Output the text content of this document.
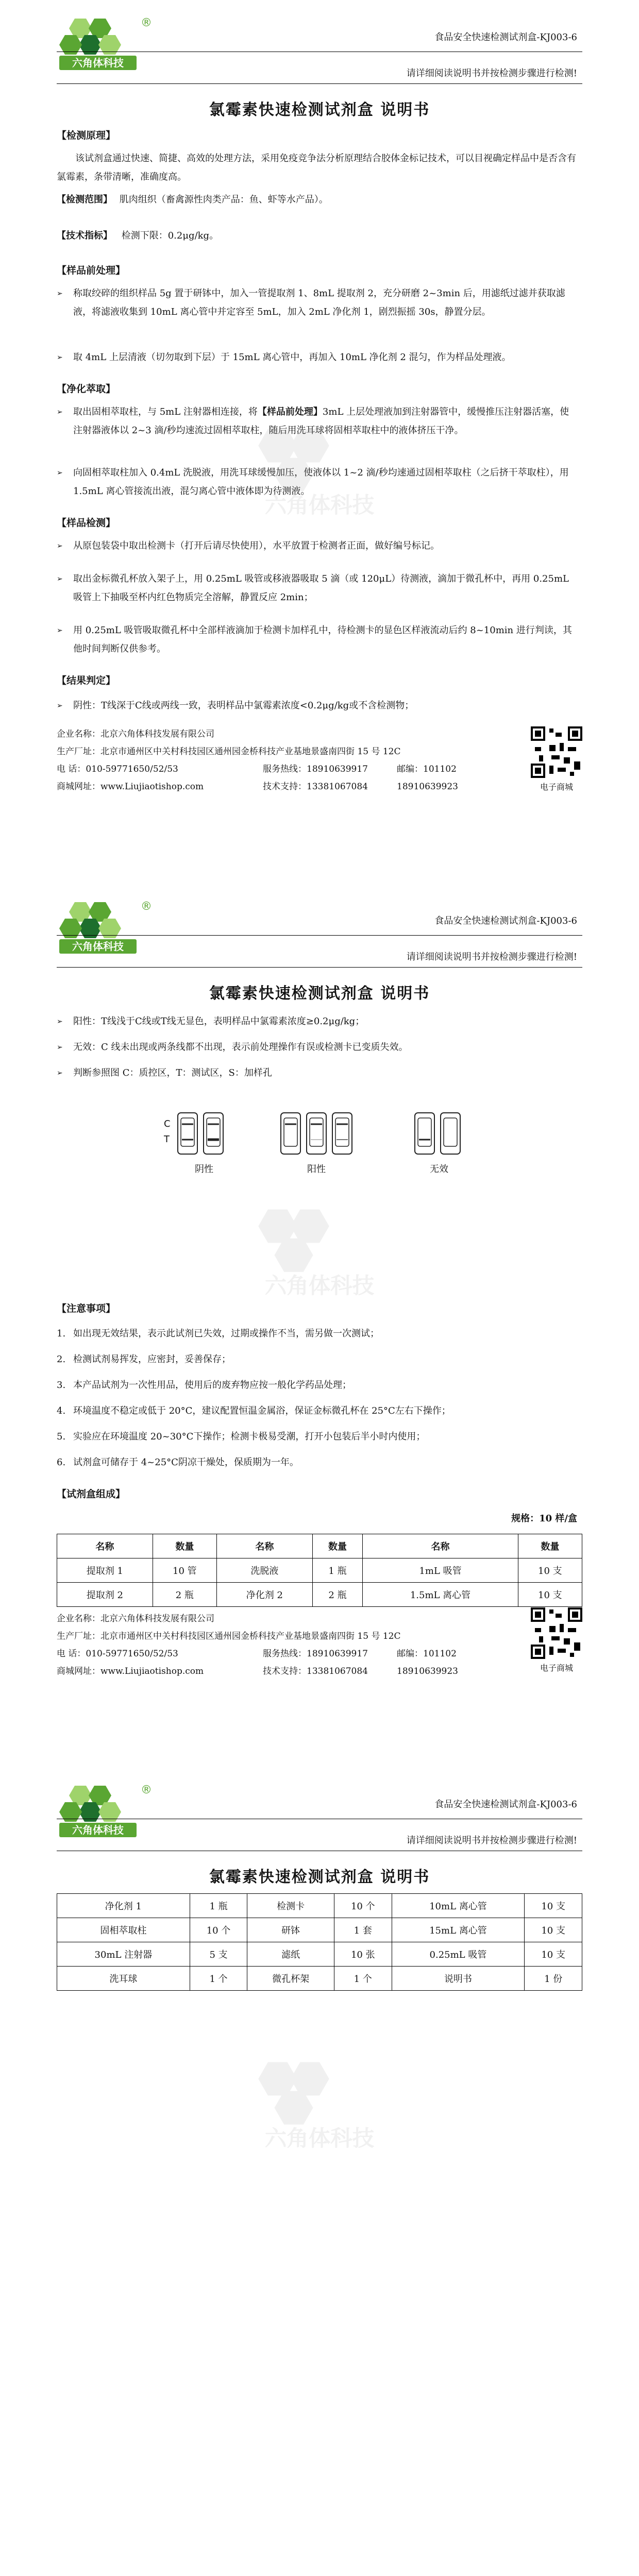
六角体科技
®
食品安全快速检测试剂盒-KJ003-6
请详细阅读说明书并按检测步骤进行检测!
氯霉素快速检测试剂盒 说明书
【检测原理】
该试剂盒通过快速、简捷、高效的处理方法，采用免疫竞争法分析原理结合胶体金标记技术，可以目视确定样品中是否含有氯霉素，条带清晰，准确度高。
【检测范围】 肌肉组织（畜禽源性肉类产品：鱼、虾等水产品）。
【技术指标】 检测下限：0.2μg/kg。
【样品前处理】
➢ 称取绞碎的组织样品 5g 置于研钵中，加入一管提取剂 1、8mL 提取剂 2，充分研磨 2~3min 后，用滤纸过滤并获取滤液，将滤液收集到 10mL 离心管中并定容至 5mL，加入 2mL 净化剂 1，剧烈振摇 30s，静置分层。
➢ 取 4mL 上层清液（切勿取到下层）于 15mL 离心管中，再加入 10mL 净化剂 2 混匀，作为样品处理液。
【净化萃取】
➢ 取出固相萃取柱，与 5mL 注射器相连接，将【样品前处理】3mL 上层处理液加到注射器管中，缓慢推压注射器活塞，使注射器液体以 2~3 滴/秒均速流过固相萃取柱，随后用洗耳球将固相萃取柱中的液体挤压干净。
➢ 向固相萃取柱加入 0.4mL 洗脱液，用洗耳球缓慢加压，使液体以 1~2 滴/秒均速通过固相萃取柱（之后挤干萃取柱），用 1.5mL 离心管接流出液，混匀离心管中液体即为待测液。
【样品检测】
➢ 从原包装袋中取出检测卡（打开后请尽快使用），水平放置于检测者正面，做好编号标记。
➢ 取出金标微孔杯放入架子上，用 0.25mL 吸管或移液器吸取 5 滴（或 120μL）待测液，滴加于微孔杯中，再用 0.25mL 吸管上下抽吸至杯内红色物质完全溶解，静置反应 2min；
➢ 用 0.25mL 吸管吸取微孔杯中全部样液滴加于检测卡加样孔中，待检测卡的显色区样液流动后约 8~10min 进行判读，其他时间判断仅供参考。
【结果判定】
➢ 阴性：T线深于C线或两线一致，表明样品中氯霉素浓度<0.2μg/kg或不含检测物；
企业名称：北京六角体科技发展有限公司
生产厂址：北京市通州区中关村科技园区通州园金桥科技产业基地景盛南四街 15 号 12C
电 话：010-59771650/52/53	服务热线：18910639917	邮编：101102
商城网址：www.Liujiaotishop.com	技术支持：13381067084	18910639923	电子商城
六角体科技
®
食品安全快速检测试剂盒-KJ003-6
请详细阅读说明书并按检测步骤进行检测!
氯霉素快速检测试剂盒 说明书
➢ 阳性：T线浅于C线或T线无显色，表明样品中氯霉素浓度≥0.2μg/kg；
➢ 无效：C 线未出现或两条线都不出现，表示前处理操作有误或检测卡已变质失效。
➢ 判断参照图 C：质控区，T：测试区，S：加样孔
C
T
阴性	阳性	无效
六角体科技
【注意事项】
1. 如出现无效结果，表示此试剂已失效，过期或操作不当，需另做一次测试；
2. 检测试剂易挥发，应密封，妥善保存；
3. 本产品试剂为一次性用品，使用后的废弃物应按一般化学药品处理；
4. 环境温度不稳定或低于 20°C，建议配置恒温金属浴，保证金标微孔杯在 25°C左右下操作；
5. 实验应在环境温度 20~30°C下操作；检测卡极易受潮，打开小包装后半小时内使用；
6. 试剂盒可储存于 4~25°C阴凉干燥处，保质期为一年。
【试剂盒组成】
规格：10 样/盒
名称	数量	名称	数量	名称	数量
提取剂 1	10 管	洗脱液	1 瓶	1mL 吸管	10 支
提取剂 2	2 瓶	净化剂 2	2 瓶	1.5mL 离心管	10 支
企业名称：北京六角体科技发展有限公司
生产厂址：北京市通州区中关村科技园区通州园金桥科技产业基地景盛南四街 15 号 12C
电 话：010-59771650/52/53	服务热线：18910639917	邮编：101102
商城网址：www.Liujiaotishop.com	技术支持：13381067084	18910639923	电子商城
六角体科技
®
食品安全快速检测试剂盒-KJ003-6
请详细阅读说明书并按检测步骤进行检测!
氯霉素快速检测试剂盒 说明书
净化剂 1	1 瓶	检测卡	10 个	10mL 离心管	10 支
固相萃取柱	10 个	研钵	1 套	15mL 离心管	10 支
30mL 注射器	5 支	滤纸	10 张	0.25mL 吸管	10 支
洗耳球	1 个	微孔杯架	1 个	说明书	1 份
六角体科技
